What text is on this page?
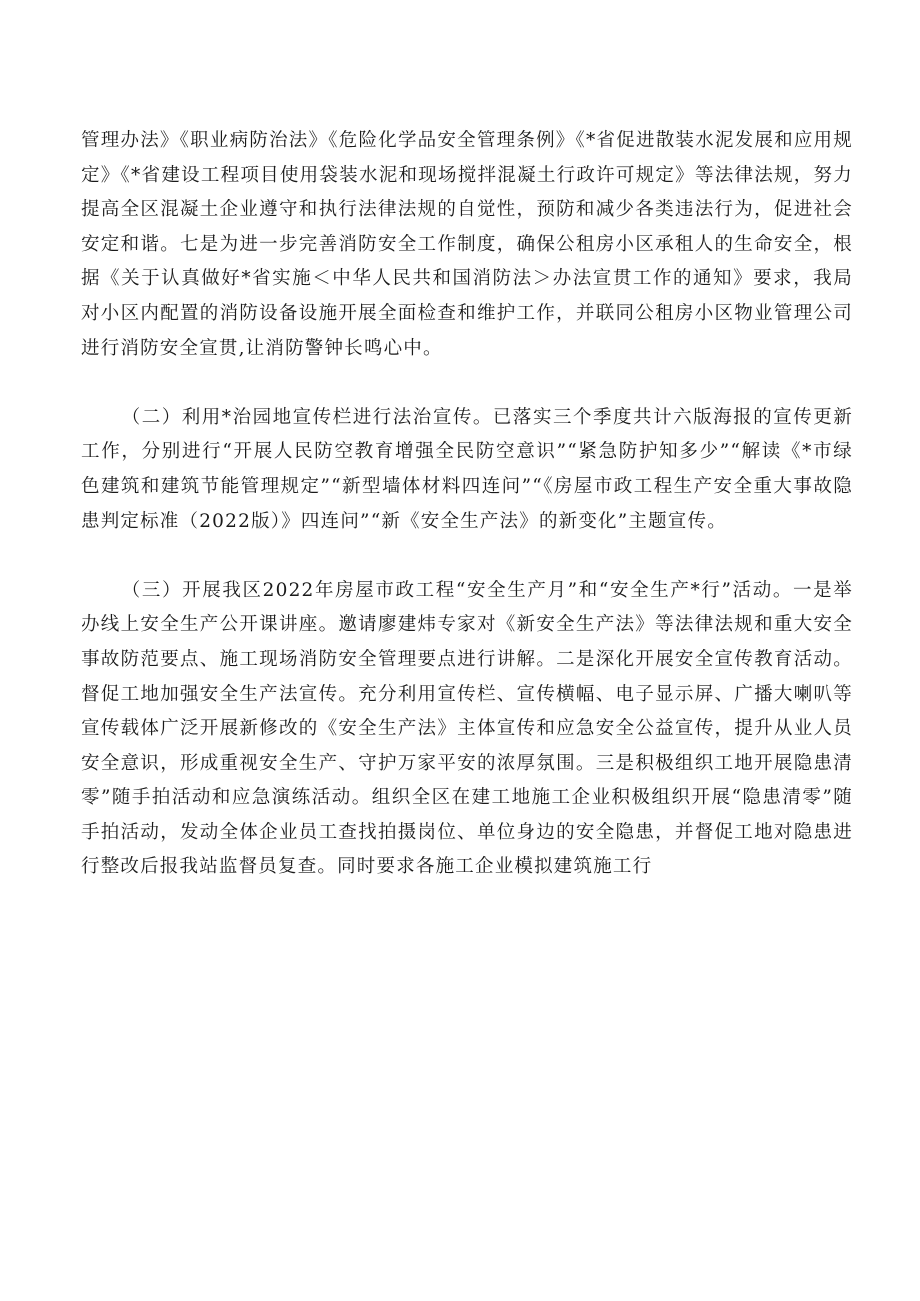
管理办法》《职业病防治法》《危险化学品安全管理条例》《*省促进散装水泥发展和应用规定》《*省建设工程项目使用袋装水泥和现场搅拌混凝土行政许可规定》等法律法规，努力提高全区混凝土企业遵守和执行法律法规的自觉性，预防和减少各类违法行为，促进社会安定和谐。七是为进一步完善消防安全工作制度，确保公租房小区承租人的生命安全，根据《关于认真做好*省实施＜中华人民共和国消防法＞办法宣贯工作的通知》要求，我局对小区内配置的消防设备设施开展全面检查和维护工作，并联同公租房小区物业管理公司进行消防安全宣贯,让消防警钟长鸣心中。

（二）利用*治园地宣传栏进行法治宣传。已落实三个季度共计六版海报的宣传更新工作，分别进行“开展人民防空教育增强全民防空意识”“紧急防护知多少”“解读《*市绿色建筑和建筑节能管理规定”“新型墙体材料四连问”“《房屋市政工程生产安全重大事故隐患判定标准（2022版）》四连问”“新《安全生产法》的新变化”主题宣传。

（三）开展我区2022年房屋市政工程“安全生产月”和“安全生产*行”活动。一是举办线上安全生产公开课讲座。邀请廖建炜专家对《新安全生产法》等法律法规和重大安全事故防范要点、施工现场消防安全管理要点进行讲解。二是深化开展安全宣传教育活动。督促工地加强安全生产法宣传。充分利用宣传栏、宣传横幅、电子显示屏、广播大喇叭等宣传载体广泛开展新修改的《安全生产法》主体宣传和应急安全公益宣传，提升从业人员安全意识，形成重视安全生产、守护万家平安的浓厚氛围。三是积极组织工地开展隐患清零”随手拍活动和应急演练活动。组织全区在建工地施工企业积极组织开展“隐患清零”随手拍活动，发动全体企业员工查找拍摄岗位、单位身边的安全隐患，并督促工地对隐患进行整改后报我站监督员复查。同时要求各施工企业模拟建筑施工行
